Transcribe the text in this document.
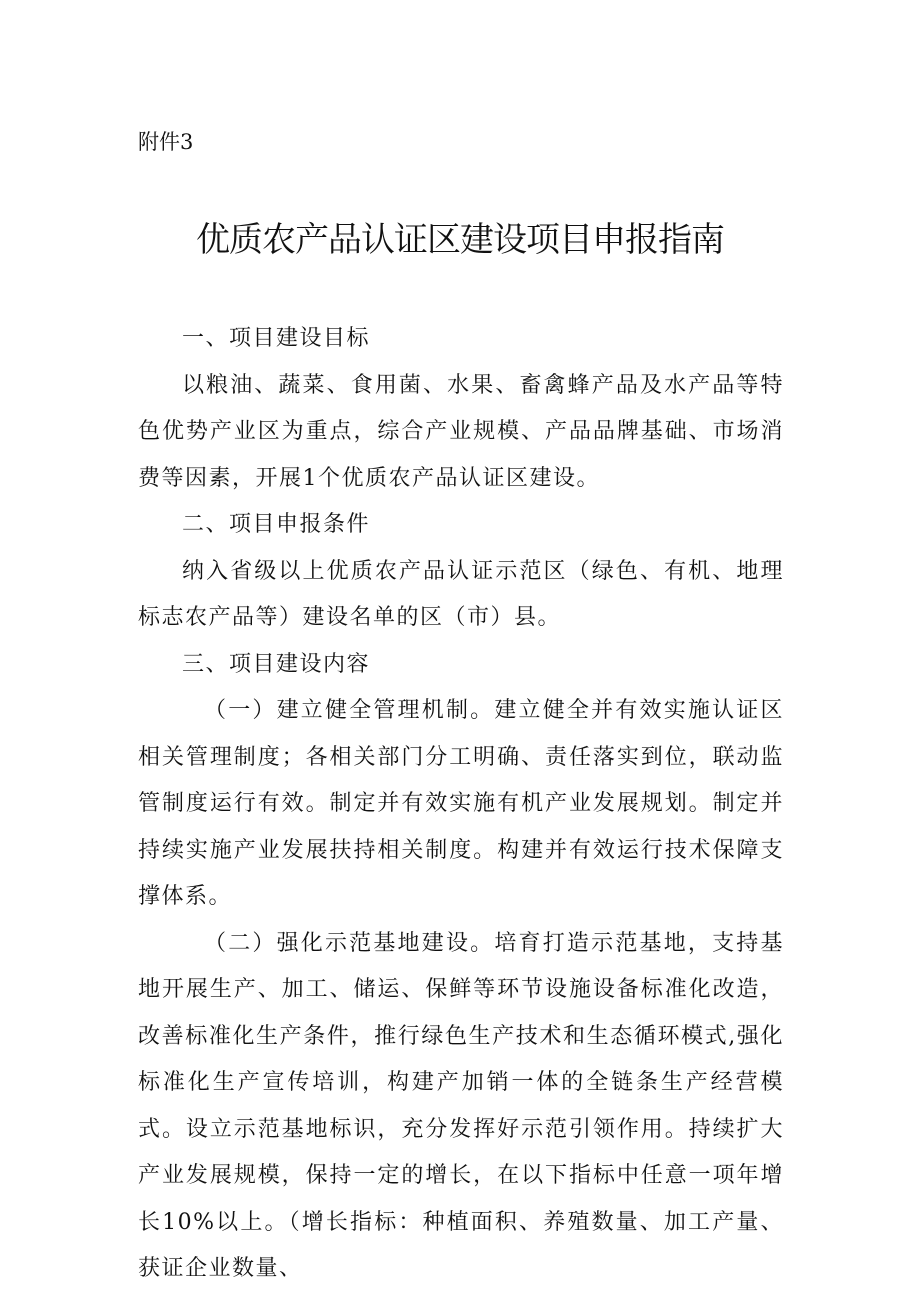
附件3
优质农产品认证区建设项目申报指南

一、项目建设目标

以粮油、蔬菜、食用菌、水果、畜禽蜂产品及水产品等特色优势产业区为重点，综合产业规模、产品品牌基础、市场消费等因素，开展1个优质农产品认证区建设。

二、项目申报条件

纳入省级以上优质农产品认证示范区（绿色、有机、地理标志农产品等）建设名单的区（市）县。

三、项目建设内容

（一）建立健全管理机制。建立健全并有效实施认证区相关管理制度；各相关部门分工明确、责任落实到位，联动监管制度运行有效。制定并有效实施有机产业发展规划。制定并持续实施产业发展扶持相关制度。构建并有效运行技术保障支撑体系。

（二）强化示范基地建设。培育打造示范基地，支持基地开展生产、加工、储运、保鲜等环节设施设备标准化改造，改善标准化生产条件，推行绿色生产技术和生态循环模式,强化标准化生产宣传培训，构建产加销一体的全链条生产经营模式。设立示范基地标识，充分发挥好示范引领作用。持续扩大产业发展规模，保持一定的增长，在以下指标中任意一项年增长10%以上。（增长指标：种植面积、养殖数量、加工产量、获证企业数量、
